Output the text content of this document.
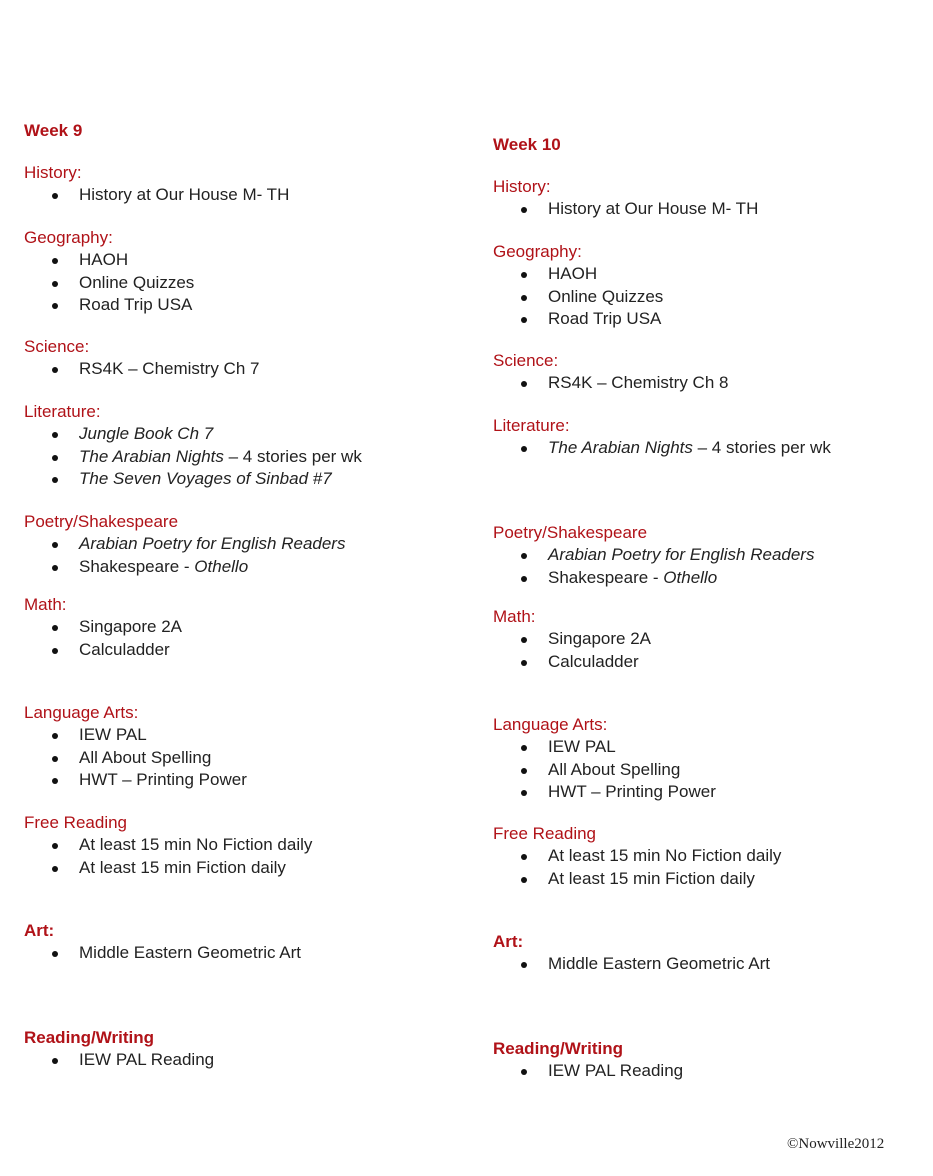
Week 9
History:
History at Our House M- TH
Geography:
HAOH
Online Quizzes
Road Trip USA
Science:
RS4K – Chemistry Ch 7
Literature:
Jungle Book Ch 7
The Arabian Nights – 4 stories per wk
The Seven Voyages of Sinbad #7
Poetry/Shakespeare
Arabian Poetry for English Readers
Shakespeare - Othello
Math:
Singapore 2A
Calculadder
Language Arts:
IEW PAL
All About Spelling
HWT – Printing Power
Free Reading
At least 15 min No Fiction daily
At least 15 min Fiction daily
Art:
Middle Eastern Geometric Art
Reading/Writing
IEW PAL Reading
Week 10
History:
History at Our House M- TH
Geography:
HAOH
Online Quizzes
Road Trip USA
Science:
RS4K – Chemistry Ch 8
Literature:
The Arabian Nights – 4 stories per wk
Poetry/Shakespeare
Arabian Poetry for English Readers
Shakespeare - Othello
Math:
Singapore 2A
Calculadder
Language Arts:
IEW PAL
All About Spelling
HWT – Printing Power
Free Reading
At least 15 min No Fiction daily
At least 15 min Fiction daily
Art:
Middle Eastern Geometric Art
Reading/Writing
IEW PAL Reading
©Nowville2012
